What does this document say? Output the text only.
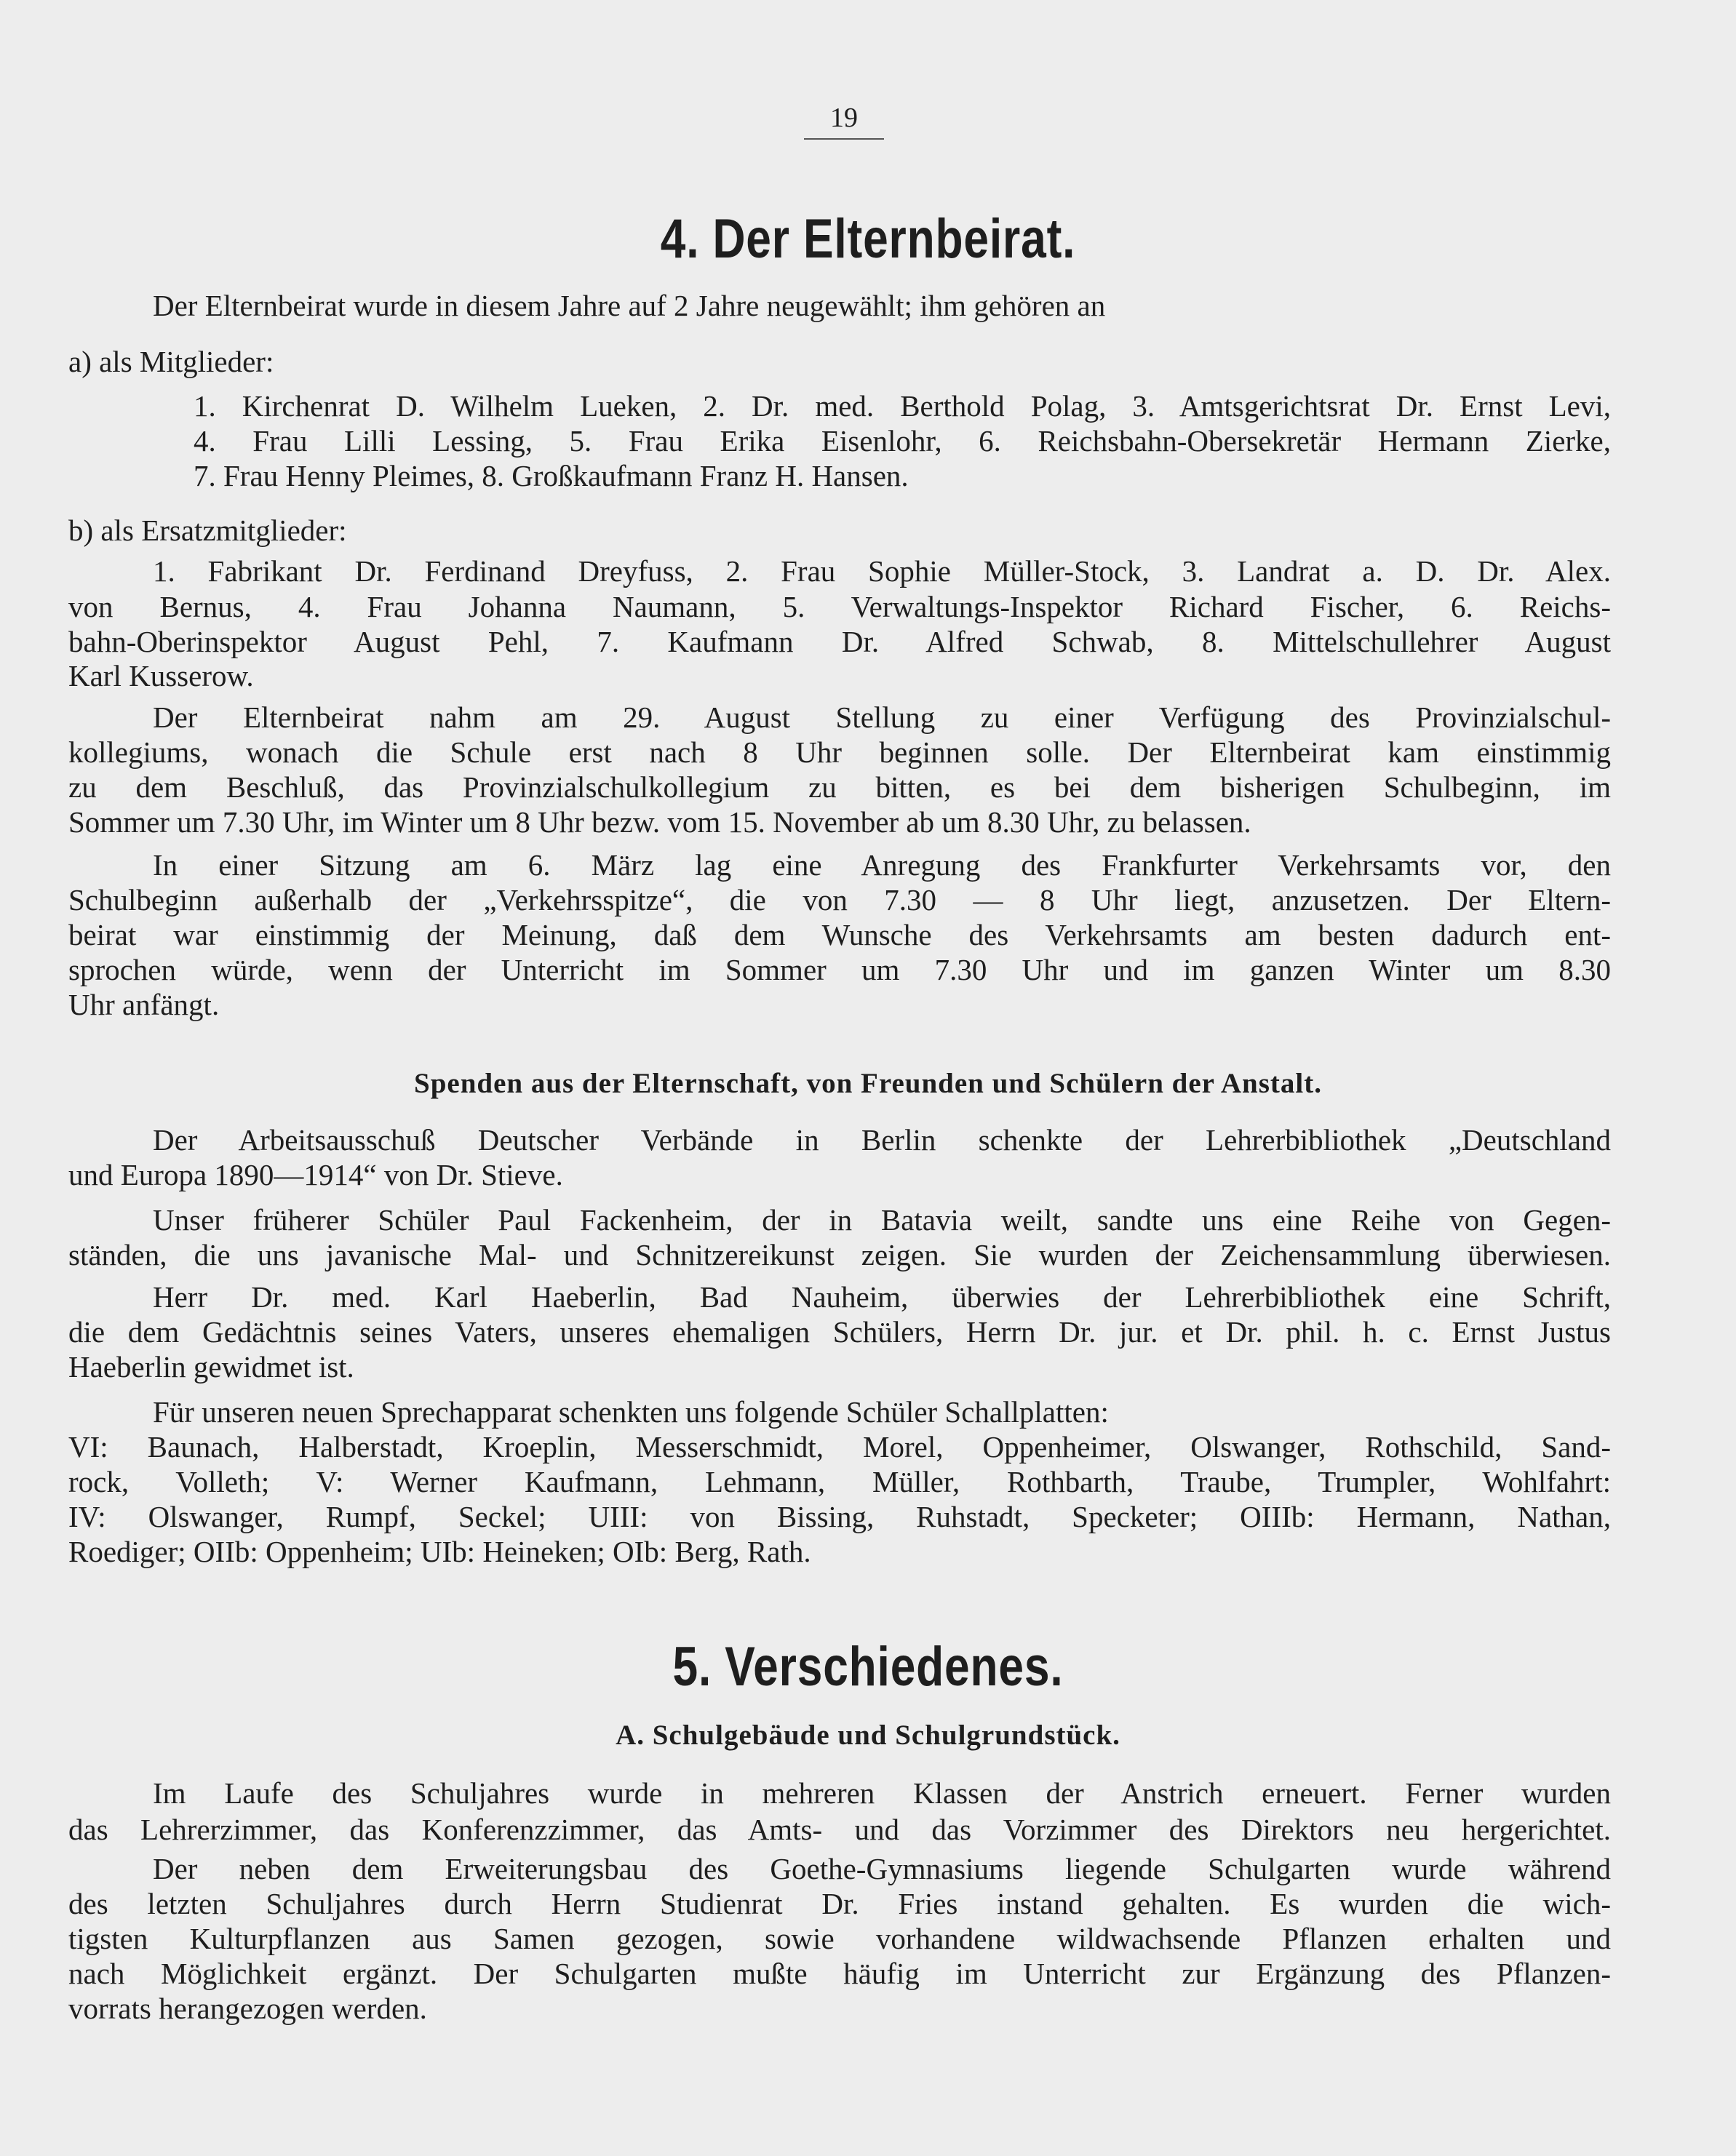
19
4. Der Elternbeirat.
Der Elternbeirat wurde in diesem Jahre auf 2 Jahre neugewählt; ihm gehören an
a) als Mitglieder:
1. Kirchenrat D. Wilhelm Lueken, 2. Dr. med. Berthold Polag, 3. Amtsgerichtsrat Dr. Ernst Levi,
4. Frau Lilli Lessing, 5. Frau Erika Eisenlohr, 6. Reichsbahn-Obersekretär Hermann Zierke,
7. Frau Henny Pleimes, 8. Großkaufmann Franz H. Hansen.
b) als Ersatzmitglieder:
1. Fabrikant Dr. Ferdinand Dreyfuss, 2. Frau Sophie Müller-Stock, 3. Landrat a. D. Dr. Alex.
von Bernus, 4. Frau Johanna Naumann, 5. Verwaltungs-Inspektor Richard Fischer, 6. Reichs-
bahn-Oberinspektor August Pehl, 7. Kaufmann Dr. Alfred Schwab, 8. Mittelschullehrer August
Karl Kusserow.
Der Elternbeirat nahm am 29. August Stellung zu einer Verfügung des Provinzialschul-
kollegiums, wonach die Schule erst nach 8 Uhr beginnen solle. Der Elternbeirat kam einstimmig
zu dem Beschluß, das Provinzialschulkollegium zu bitten, es bei dem bisherigen Schulbeginn, im
Sommer um 7.30 Uhr, im Winter um 8 Uhr bezw. vom 15. November ab um 8.30 Uhr, zu belassen.
In einer Sitzung am 6. März lag eine Anregung des Frankfurter Verkehrsamts vor, den
Schulbeginn außerhalb der „Verkehrsspitze“, die von 7.30 — 8 Uhr liegt, anzusetzen. Der Eltern-
beirat war einstimmig der Meinung, daß dem Wunsche des Verkehrsamts am besten dadurch ent-
sprochen würde, wenn der Unterricht im Sommer um 7.30 Uhr und im ganzen Winter um 8.30
Uhr anfängt.
Spenden aus der Elternschaft, von Freunden und Schülern der Anstalt.
Der Arbeitsausschuß Deutscher Verbände in Berlin schenkte der Lehrerbibliothek „Deutschland
und Europa 1890—1914“ von Dr. Stieve.
Unser früherer Schüler Paul Fackenheim, der in Batavia weilt, sandte uns eine Reihe von Gegen-
ständen, die uns javanische Mal- und Schnitzereikunst zeigen. Sie wurden der Zeichensammlung überwiesen.
Herr Dr. med. Karl Haeberlin, Bad Nauheim, überwies der Lehrerbibliothek eine Schrift,
die dem Gedächtnis seines Vaters, unseres ehemaligen Schülers, Herrn Dr. jur. et Dr. phil. h. c. Ernst Justus
Haeberlin gewidmet ist.
Für unseren neuen Sprechapparat schenkten uns folgende Schüler Schallplatten:
VI: Baunach, Halberstadt, Kroeplin, Messerschmidt, Morel, Oppenheimer, Olswanger, Rothschild, Sand-
rock, Volleth; V: Werner Kaufmann, Lehmann, Müller, Rothbarth, Traube, Trumpler, Wohlfahrt:
IV: Olswanger, Rumpf, Seckel; UIII: von Bissing, Ruhstadt, Specketer; OIIIb: Hermann, Nathan,
Roediger; OIIb: Oppenheim; UIb: Heineken; OIb: Berg, Rath.
5. Verschiedenes.
A. Schulgebäude und Schulgrundstück.
Im Laufe des Schuljahres wurde in mehreren Klassen der Anstrich erneuert. Ferner wurden
das Lehrerzimmer, das Konferenzzimmer, das Amts- und das Vorzimmer des Direktors neu hergerichtet.
Der neben dem Erweiterungsbau des Goethe-Gymnasiums liegende Schulgarten wurde während
des letzten Schuljahres durch Herrn Studienrat Dr. Fries instand gehalten. Es wurden die wich-
tigsten Kulturpflanzen aus Samen gezogen, sowie vorhandene wildwachsende Pflanzen erhalten und
nach Möglichkeit ergänzt. Der Schulgarten mußte häufig im Unterricht zur Ergänzung des Pflanzen-
vorrats herangezogen werden.
